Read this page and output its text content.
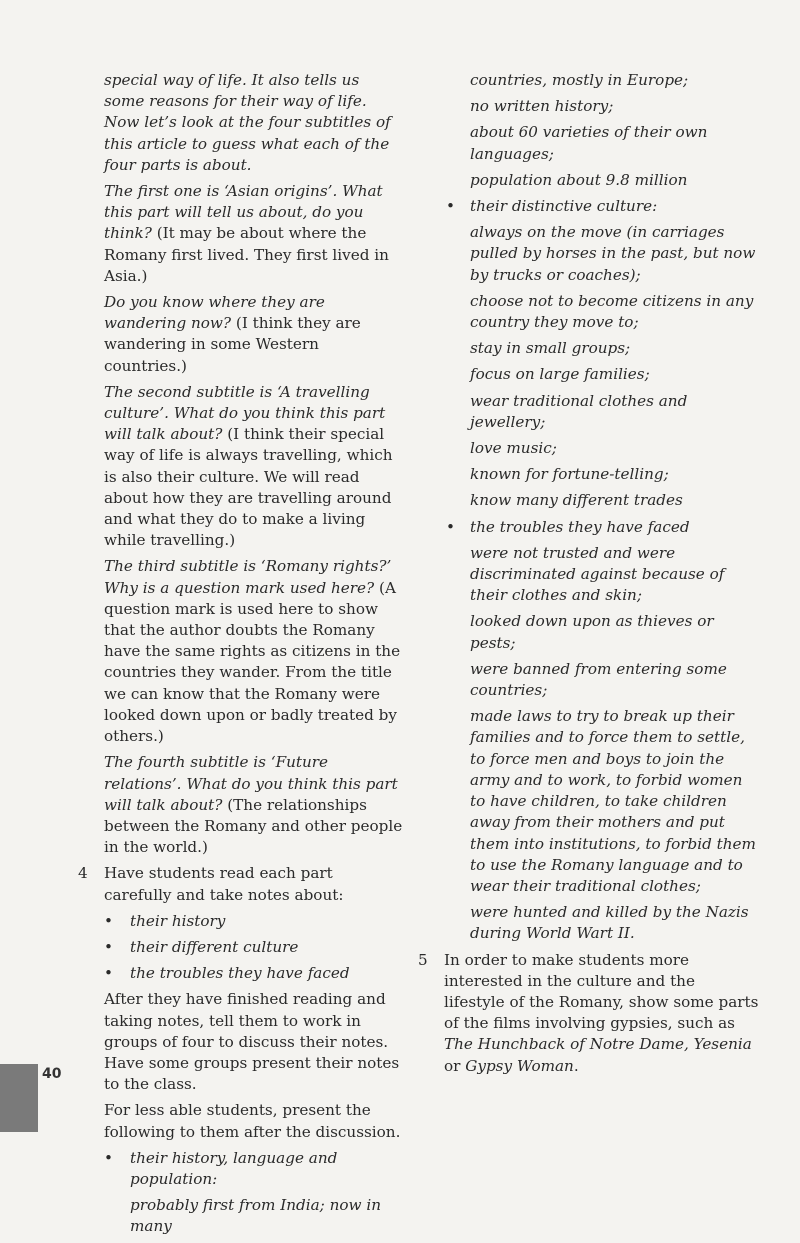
special way of life. It also tells us some reasons for their way of life. Now let’s look at the four subtitles of this article to guess what each of the four parts is about.

The first one is ‘Asian origins’. What this part will tell us about, do you think? (It may be about where the Romany first lived. They first lived in Asia.)

Do you know where they are wandering now? (I think they are wandering in some Western countries.)

The second subtitle is ‘A travelling culture’. What do you think this part will talk about? (I think their special way of life is always travelling, which is also their culture. We will read about how they are travelling around and what they do to make a living while travelling.)

The third subtitle is ‘Romany rights?’ Why is a question mark used here? (A question mark is used here to show that the author doubts the Romany have the same rights as citizens in the countries they wander. From the title we can know that the Romany were looked down upon or badly treated by others.)

The fourth subtitle is ‘Future relations’. What do you think this part will talk about? (The relationships between the Romany and other people in the world.)

4 Have students read each part carefully and take notes about:

• their history

• their different culture

• the troubles they have faced

After they have finished reading and taking notes, tell them to work in groups of four to discuss their notes. Have some groups present their notes to the class.

For less able students, present the following to them after the discussion.

• their history, language and population:

probably first from India; now in many

countries, mostly in Europe;

no written history;

about 60 varieties of their own languages;

population about 9.8 million

• their distinctive culture:

always on the move (in carriages pulled by horses in the past, but now by trucks or coaches);

choose not to become citizens in any country they move to;

stay in small groups;

focus on large families;

wear traditional clothes and jewellery;

love music;

known for fortune-telling;

know many different trades

• the troubles they have faced

were not trusted and were discriminated against because of their clothes and skin;

looked down upon as thieves or pests;

were banned from entering some countries;

made laws to try to break up their families and to force them to settle, to force men and boys to join the army and to work, to forbid women to have children, to take children away from their mothers and put them into institutions, to forbid them to use the Romany language and to wear their traditional clothes;

were hunted and killed by the Nazis during World Wart II.

5 In order to make students more interested in the culture and the lifestyle of the Romany, show some parts of the films involving gypsies, such as The Hunchback of Notre Dame, Yesenia or Gypsy Woman.

40
